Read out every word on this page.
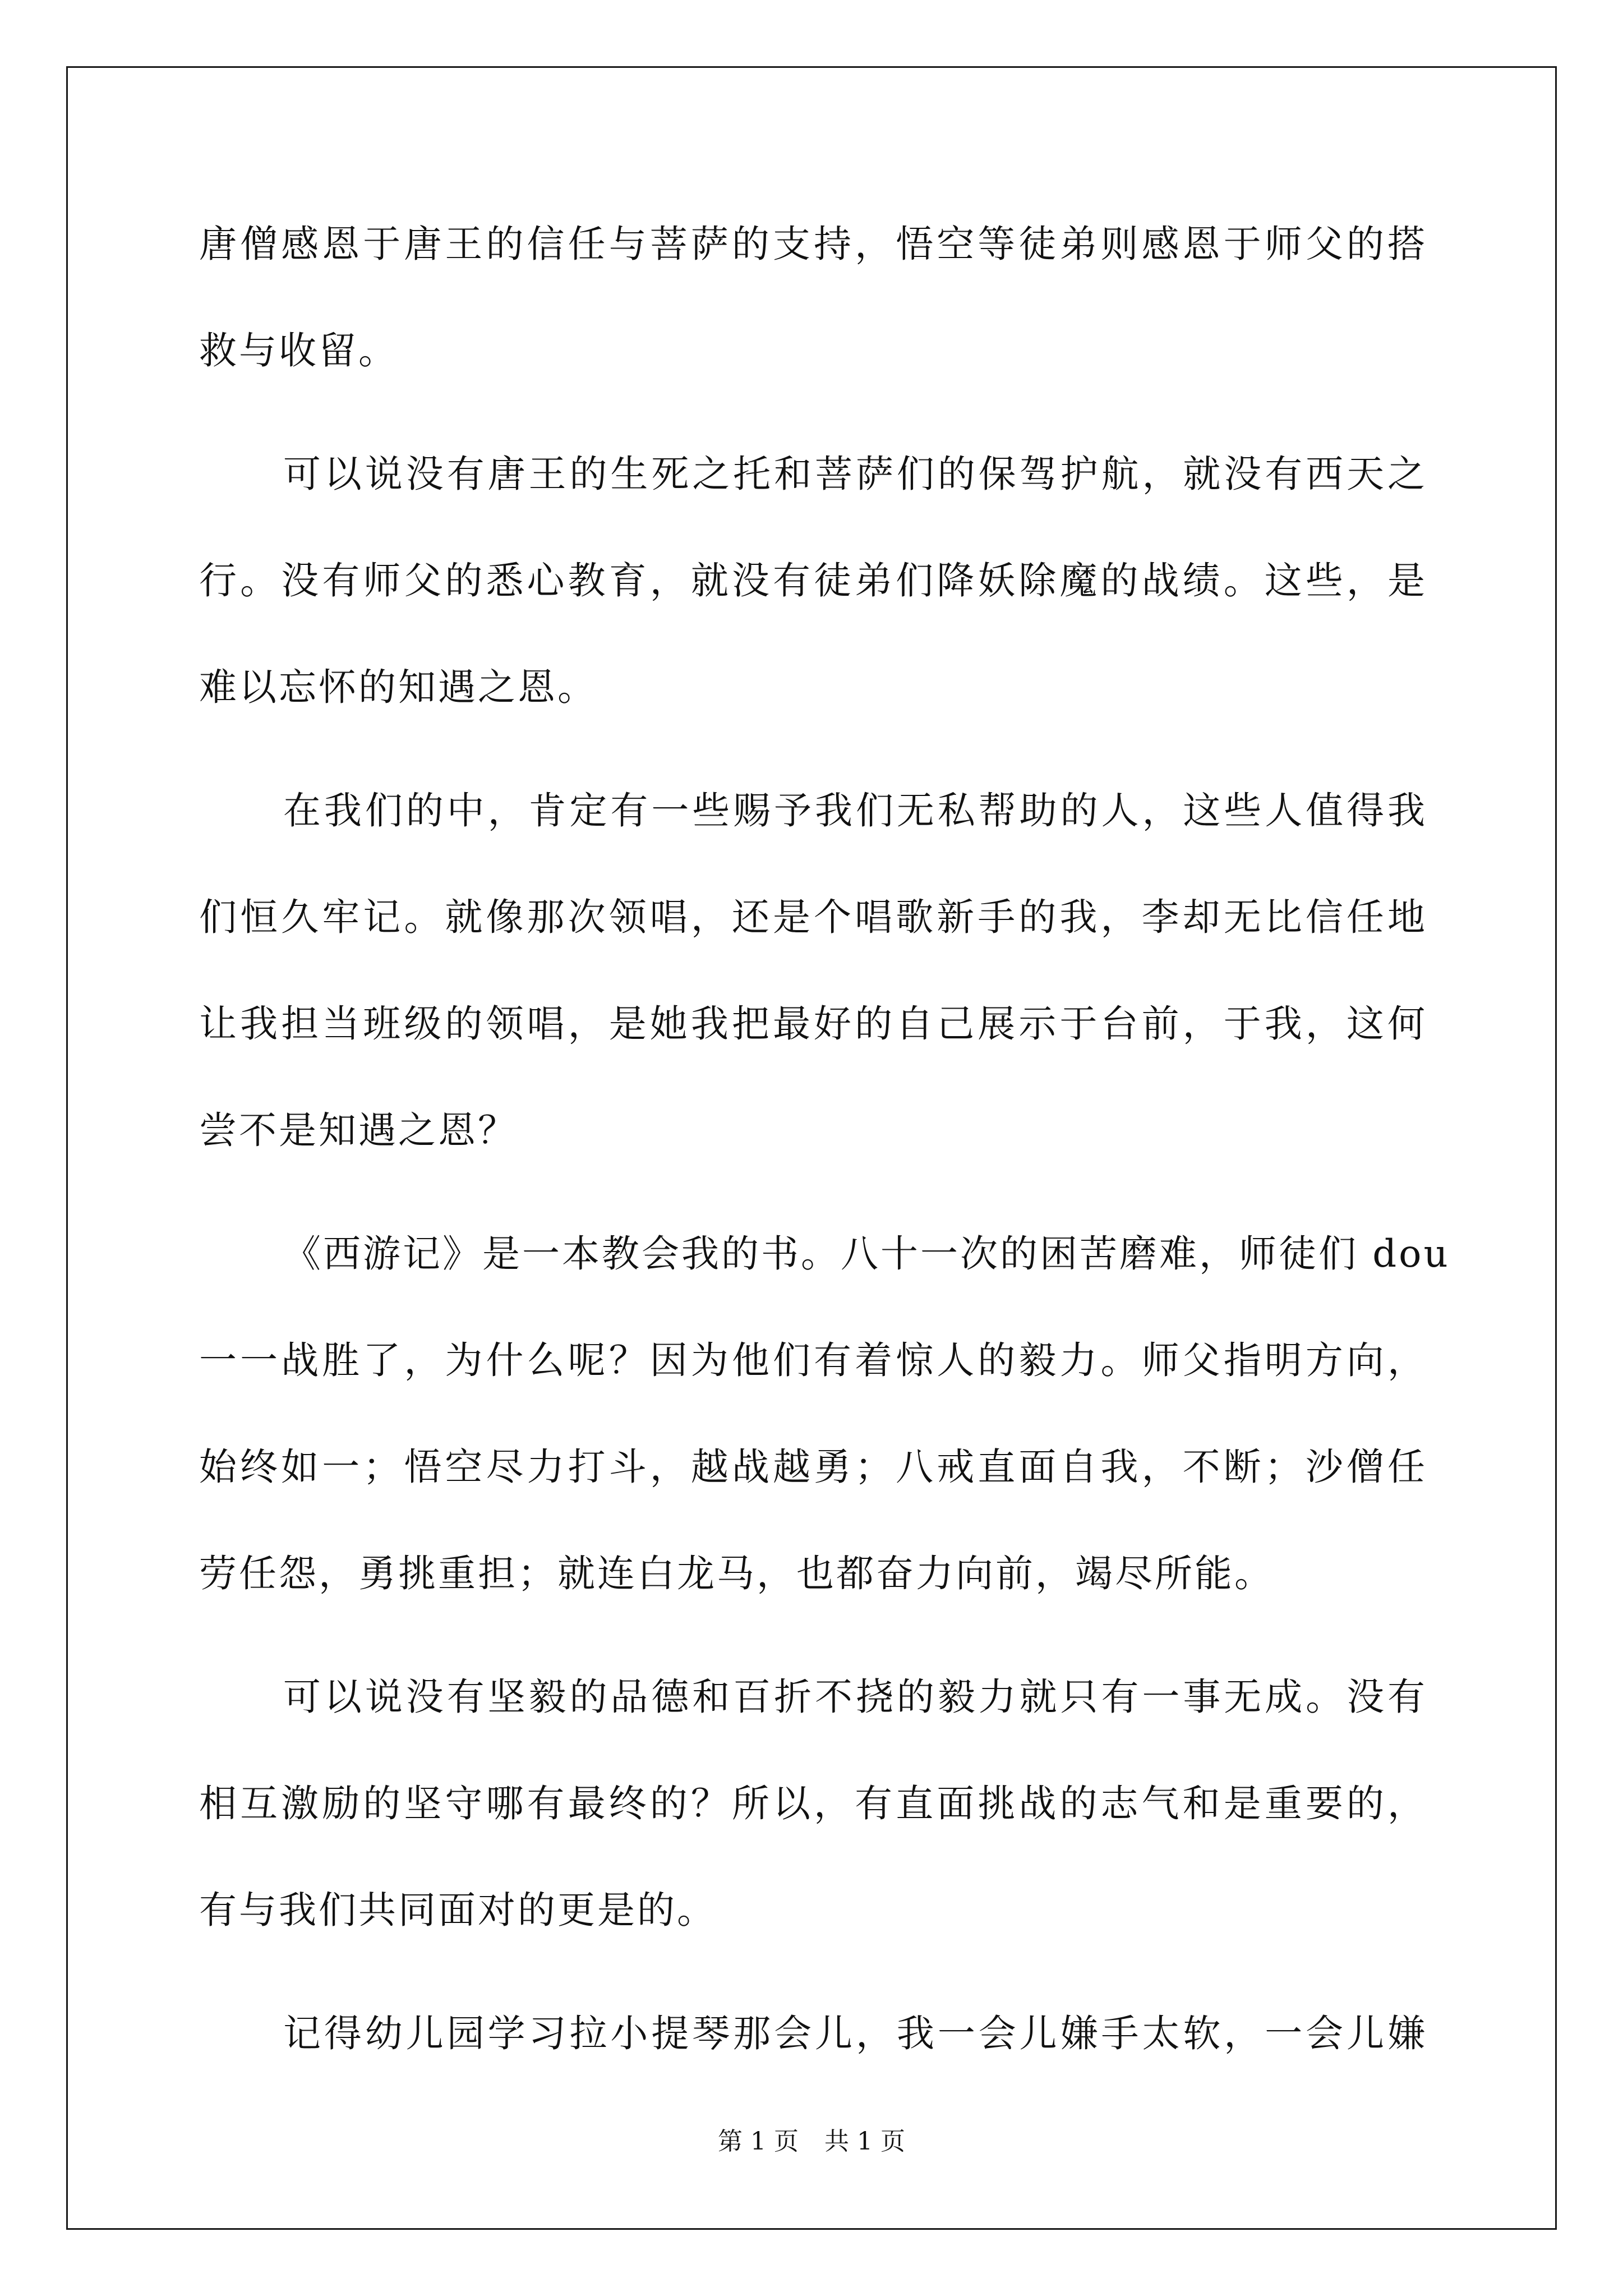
唐僧感恩于唐王的信任与菩萨的支持，悟空等徒弟则感恩于师父的搭
救与收留。
可以说没有唐王的生死之托和菩萨们的保驾护航，就没有西天之
行。没有师父的悉心教育，就没有徒弟们降妖除魔的战绩。这些，是
难以忘怀的知遇之恩。
在我们的中，肯定有一些赐予我们无私帮助的人，这些人值得我
们恒久牢记。就像那次领唱，还是个唱歌新手的我，李却无比信任地
让我担当班级的领唱，是她我把最好的自己展示于台前，于我，这何
尝不是知遇之恩？
《西游记》是一本教会我的书。八十一次的困苦磨难，师徒们 dou
一一战胜了，为什么呢？因为他们有着惊人的毅力。师父指明方向，
始终如一；悟空尽力打斗，越战越勇；八戒直面自我，不断；沙僧任
劳任怨，勇挑重担；就连白龙马，也都奋力向前，竭尽所能。
可以说没有坚毅的品德和百折不挠的毅力就只有一事无成。没有
相互激励的坚守哪有最终的？所以，有直面挑战的志气和是重要的，
有与我们共同面对的更是的。
记得幼儿园学习拉小提琴那会儿，我一会儿嫌手太软，一会儿嫌
第 1 页 共 1 页
